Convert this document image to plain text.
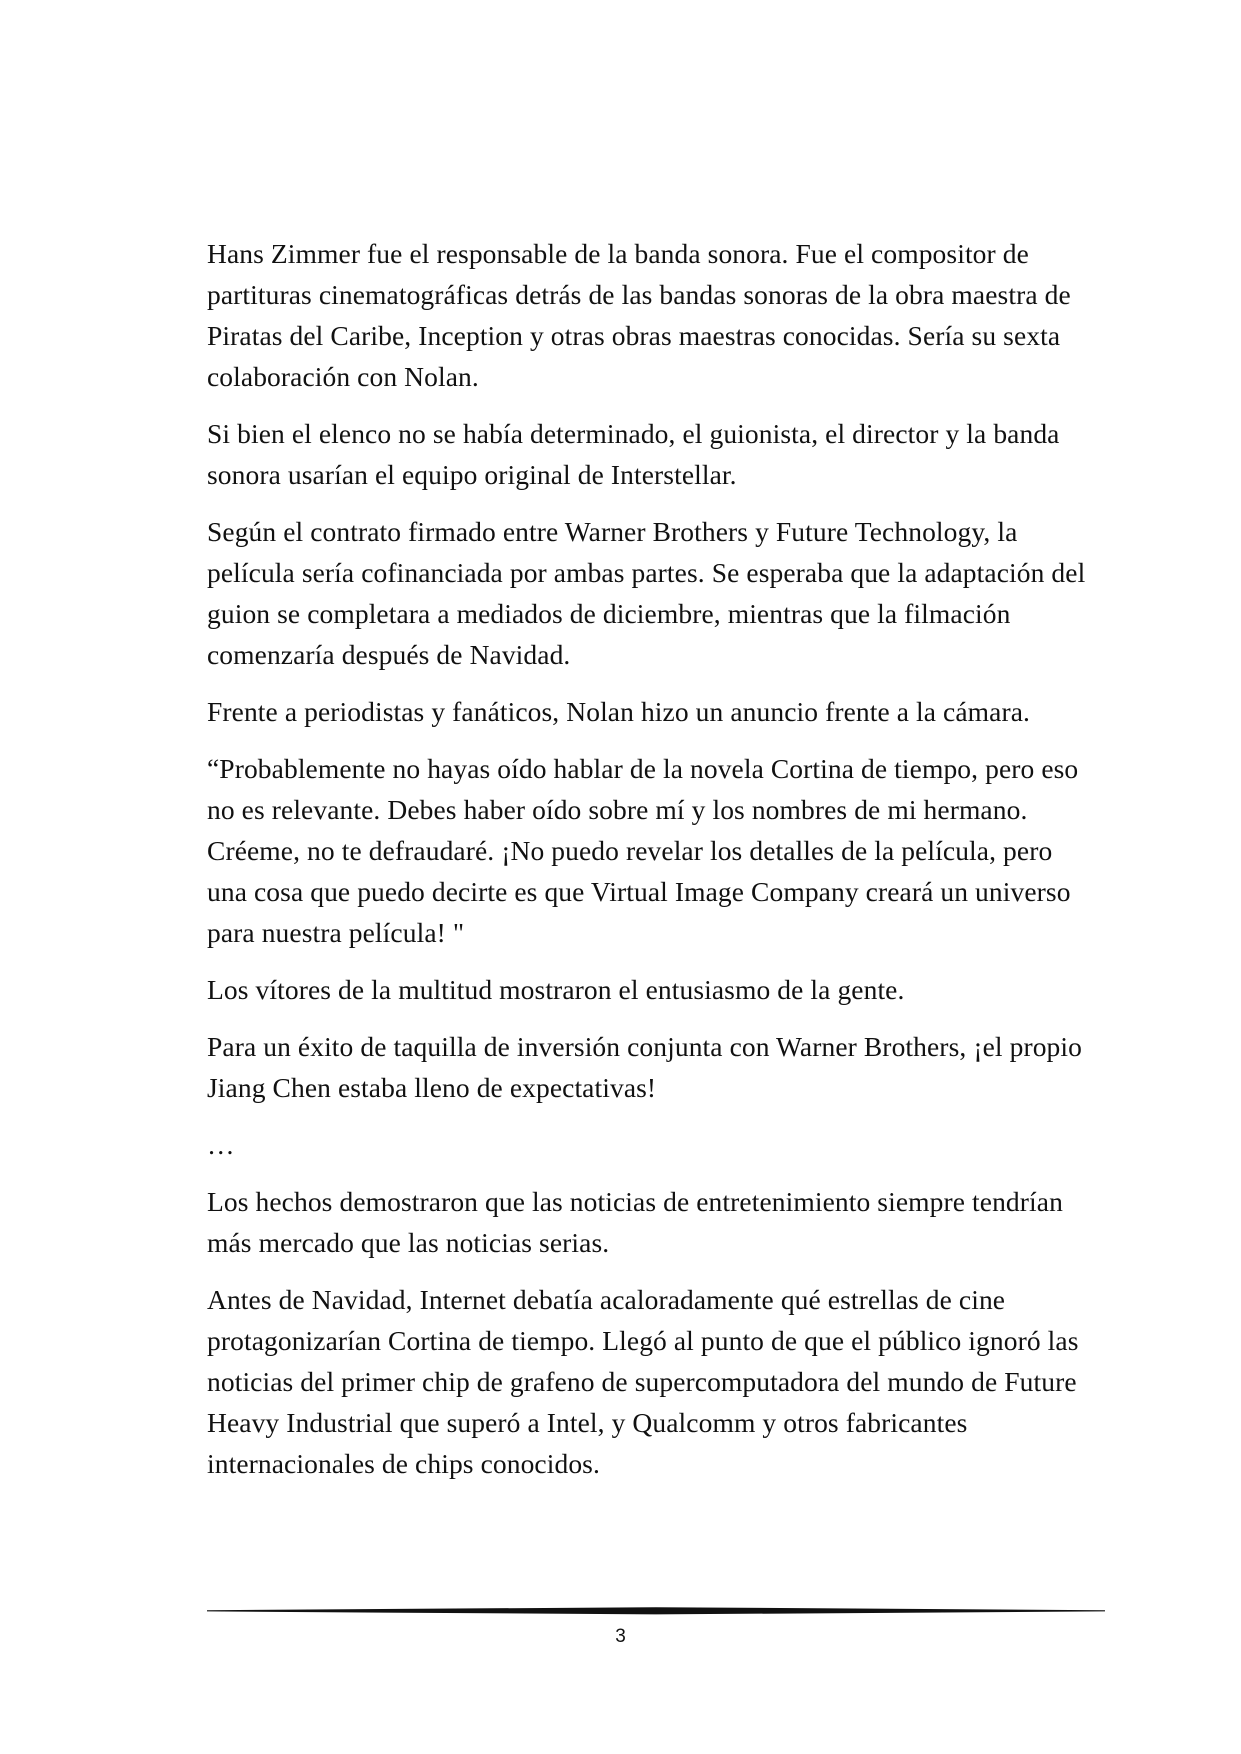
Hans Zimmer fue el responsable de la banda sonora. Fue el compositor de partituras cinematográficas detrás de las bandas sonoras de la obra maestra de Piratas del Caribe, Inception y otras obras maestras conocidas. Sería su sexta colaboración con Nolan.

Si bien el elenco no se había determinado, el guionista, el director y la banda sonora usarían el equipo original de Interstellar.

Según el contrato firmado entre Warner Brothers y Future Technology, la película sería cofinanciada por ambas partes. Se esperaba que la adaptación del guion se completara a mediados de diciembre, mientras que la filmación comenzaría después de Navidad.

Frente a periodistas y fanáticos, Nolan hizo un anuncio frente a la cámara.

“Probablemente no hayas oído hablar de la novela Cortina de tiempo, pero eso no es relevante. Debes haber oído sobre mí y los nombres de mi hermano. Créeme, no te defraudaré. ¡No puedo revelar los detalles de la película, pero una cosa que puedo decirte es que Virtual Image Company creará un universo para nuestra película! "

Los vítores de la multitud mostraron el entusiasmo de la gente.

Para un éxito de taquilla de inversión conjunta con Warner Brothers, ¡el propio Jiang Chen estaba lleno de expectativas!

…

Los hechos demostraron que las noticias de entretenimiento siempre tendrían más mercado que las noticias serias.

Antes de Navidad, Internet debatía acaloradamente qué estrellas de cine protagonizarían Cortina de tiempo. Llegó al punto de que el público ignoró las noticias del primer chip de grafeno de supercomputadora del mundo de Future Heavy Industrial que superó a Intel, y Qualcomm y otros fabricantes internacionales de chips conocidos.

3
